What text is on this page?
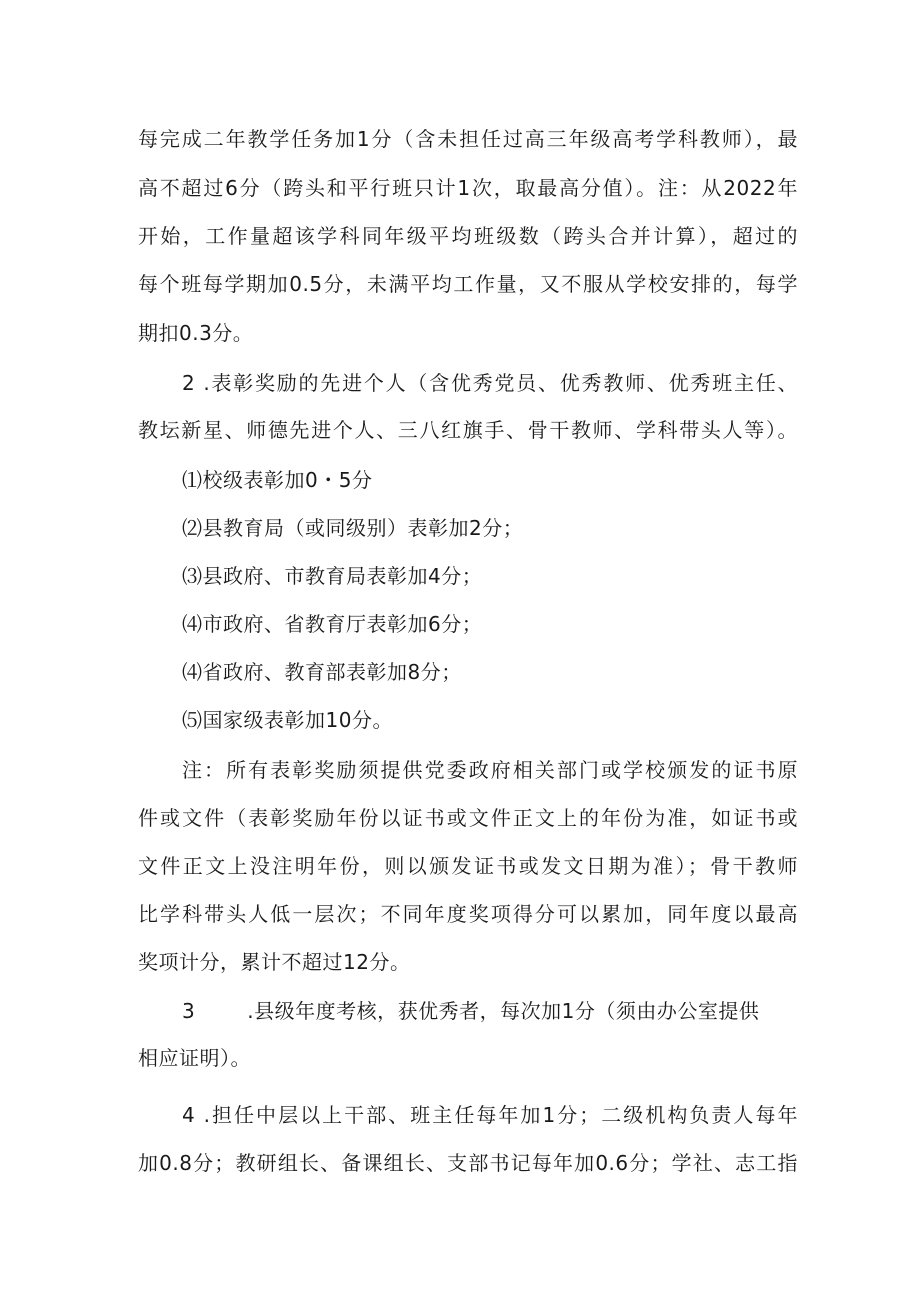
每完成二年教学任务加1分（含未担任过高三年级高考学科教师），最
高不超过6分（跨头和平行班只计1次，取最高分值）。注：从2022年
开始，工作量超该学科同年级平均班级数（跨头合并计算），超过的
每个班每学期加0.5分，未满平均工作量，又不服从学校安排的，每学
期扣0.3分。
2 .表彰奖励的先进个人（含优秀党员、优秀教师、优秀班主任、
教坛新星、师德先进个人、三八红旗手、骨干教师、学科带头人等）。
⑴校级表彰加0・5分
⑵县教育局（或同级别）表彰加2分；
⑶县政府、市教育局表彰加4分；
⑷市政府、省教育厅表彰加6分；
⑷省政府、教育部表彰加8分；
⑸国家级表彰加10分。
注：所有表彰奖励须提供党委政府相关部门或学校颁发的证书原
件或文件（表彰奖励年份以证书或文件正文上的年份为准，如证书或
文件正文上没注明年份，则以颁发证书或发文日期为准）；骨干教师
比学科带头人低一层次；不同年度奖项得分可以累加，同年度以最高
奖项计分，累计不超过12分。
3	.县级年度考核，获优秀者，每次加1分（须由办公室提供
相应证明）。
4 .担任中层以上干部、班主任每年加1分；二级机构负责人每年
加0.8分；教研组长、备课组长、支部书记每年加0.6分；学社、志工指
